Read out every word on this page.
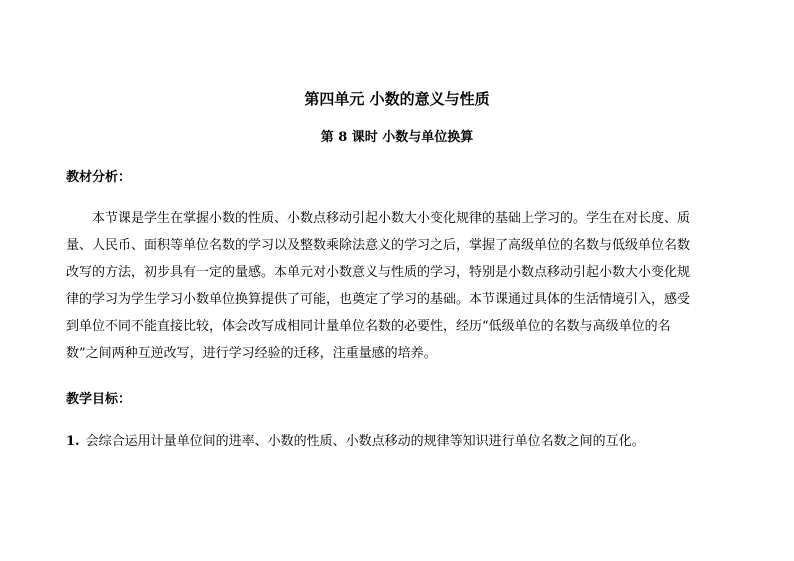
第四单元 小数的意义与性质
第 8 课时 小数与单位换算
教材分析：
本节课是学生在掌握小数的性质、小数点移动引起小数大小变化规律的基础上学习的。学生在对长度、质
量、人民币、面积等单位名数的学习以及整数乘除法意义的学习之后，掌握了高级单位的名数与低级单位名数
改写的方法，初步具有一定的量感。本单元对小数意义与性质的学习，特别是小数点移动引起小数大小变化规
律的学习为学生学习小数单位换算提供了可能，也奠定了学习的基础。本节课通过具体的生活情境引入，感受
到单位不同不能直接比较，体会改写成相同计量单位名数的必要性，经历“低级单位的名数与高级单位的名
数”之间两种互逆改写，进行学习经验的迁移，注重量感的培养。
教学目标：
1. 会综合运用计量单位间的进率、小数的性质、小数点移动的规律等知识进行单位名数之间的互化。
